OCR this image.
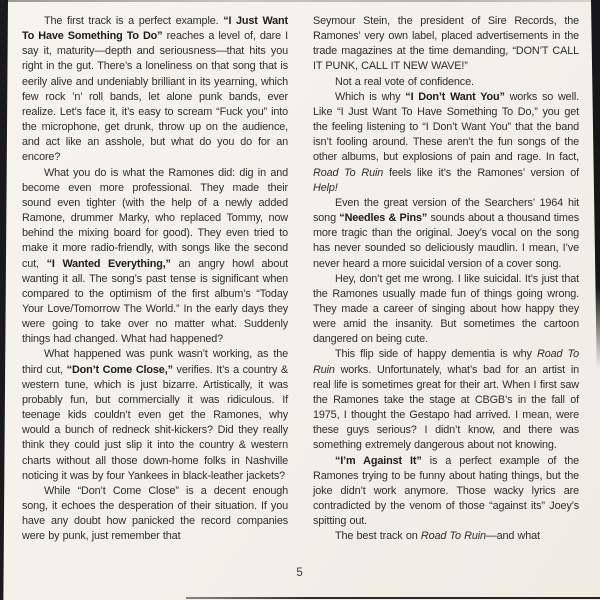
The first track is a perfect example. “I Just Want To Have Something To Do” reaches a level of, dare I say it, maturity—depth and seriousness—that hits you right in the gut. There’s a loneliness on that song that is eerily alive and undeniably brilliant in its yearning, which few rock ’n’ roll bands, let alone punk bands, ever realize. Let’s face it, it’s easy to scream “Fuck you” into the microphone, get drunk, throw up on the audience, and act like an asshole, but what do you do for an encore?

What you do is what the Ramones did: dig in and become even more professional. They made their sound even tighter (with the help of a newly added Ramone, drummer Marky, who replaced Tommy, now behind the mixing board for good). They even tried to make it more radio-friendly, with songs like the second cut, “I Wanted Everything,” an angry howl about wanting it all. The song’s past tense is significant when compared to the optimism of the first album’s “Today Your Love/Tomorrow The World.” In the early days they were going to take over no matter what. Suddenly things had changed. What had happened?

What happened was punk wasn’t working, as the third cut, “Don’t Come Close,” verifies. It’s a country & western tune, which is just bizarre. Artistically, it was probably fun, but commercially it was ridiculous. If teenage kids couldn’t even get the Ramones, why would a bunch of redneck shit-kickers? Did they really think they could just slip it into the country & western charts without all those down-home folks in Nashville noticing it was by four Yankees in black-leather jackets?

While “Don’t Come Close” is a decent enough song, it echoes the desperation of their situation. If you have any doubt how panicked the record companies were by punk, just remember that

Seymour Stein, the president of Sire Records, the Ramones’ very own label, placed advertisements in the trade magazines at the time demanding, “DON’T CALL IT PUNK, CALL IT NEW WAVE!”

Not a real vote of confidence.

Which is why “I Don’t Want You” works so well. Like “I Just Want To Have Something To Do,” you get the feeling listening to “I Don’t Want You” that the band isn’t fooling around. These aren’t the fun songs of the other albums, but explosions of pain and rage. In fact, Road To Ruin feels like it’s the Ramones’ version of Help!

Even the great version of the Searchers’ 1964 hit song “Needles & Pins” sounds about a thousand times more tragic than the original. Joey’s vocal on the song has never sounded so deliciously maudlin. I mean, I’ve never heard a more suicidal version of a cover song.

Hey, don’t get me wrong. I like suicidal. It’s just that the Ramones usually made fun of things going wrong. They made a career of singing about how happy they were amid the insanity. But sometimes the cartoon dangered on being cute.

This flip side of happy dementia is why Road To Ruin works. Unfortunately, what’s bad for an artist in real life is sometimes great for their art. When I first saw the Ramones take the stage at CBGB’s in the fall of 1975, I thought the Gestapo had arrived. I mean, were these guys serious? I didn’t know, and there was something extremely dangerous about not knowing.

“I’m Against It” is a perfect example of the Ramones trying to be funny about hating things, but the joke didn’t work anymore. Those wacky lyrics are contradicted by the venom of those “against its” Joey’s spitting out.

The best track on Road To Ruin—and what

5
